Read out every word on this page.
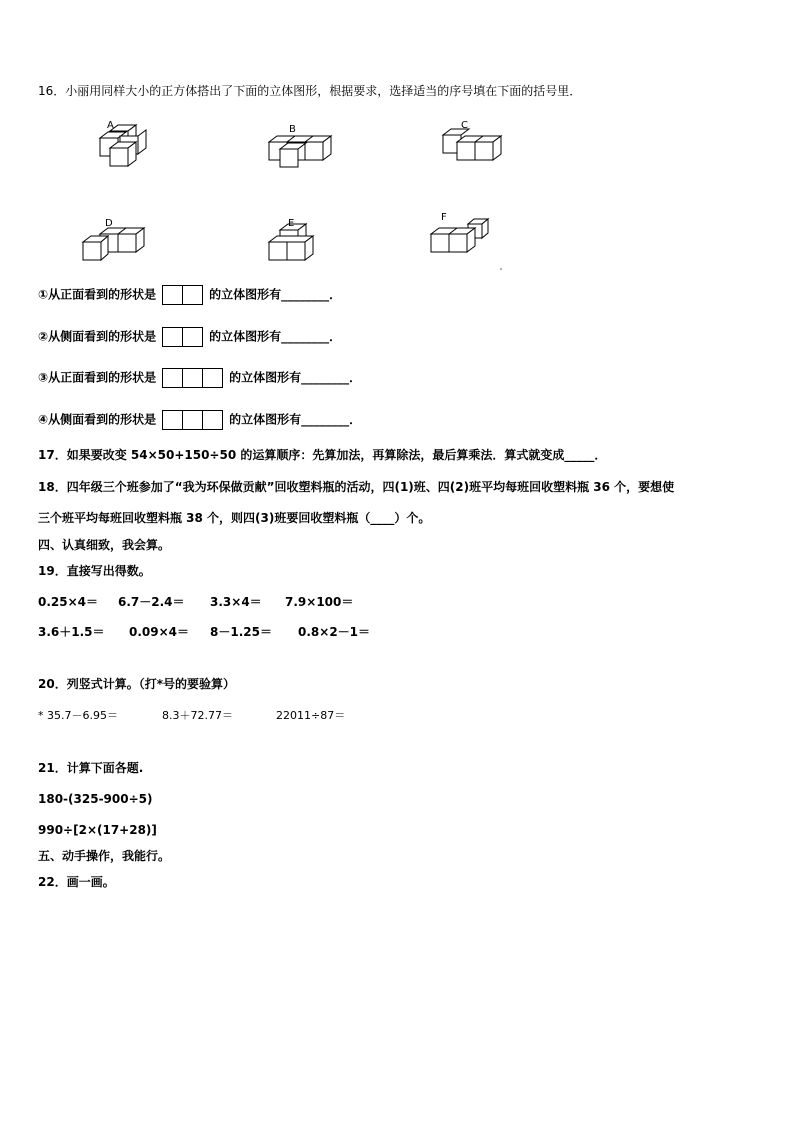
16．小丽用同样大小的正方体搭出了下面的立体图形，根据要求，选择适当的序号填在下面的括号里．
A	B	C
D	E
F
①从正面看到的形状是	的立体图形有________．
②从侧面看到的形状是	的立体图形有________．
③从正面看到的形状是	的立体图形有________．
④从侧面看到的形状是	的立体图形有________．
17．如果要改变 54×50+150÷50 的运算顺序：先算加法，再算除法，最后算乘法．算式就变成_____．
18．四年级三个班参加了“我为环保做贡献”回收塑料瓶的活动，四(1)班、四(2)班平均每班回收塑料瓶 36 个，要想使
三个班平均每班回收塑料瓶 38 个，则四(3)班要回收塑料瓶（____）个。
四、认真细致，我会算。
19．直接写出得数。
0.25×4＝ 6.7－2.4＝ 3.3×4＝ 7.9×100＝
3.6＋1.5＝ 0.09×4＝ 8－1.25＝ 0.8×2－1＝
20．列竖式计算。（打*号的要验算）
* 35.7－6.95＝	8.3＋72.77＝	22011÷87＝
21．计算下面各题.
180-(325-900÷5)
990÷[2×(17+28)]
五、动手操作，我能行。
22．画一画。
